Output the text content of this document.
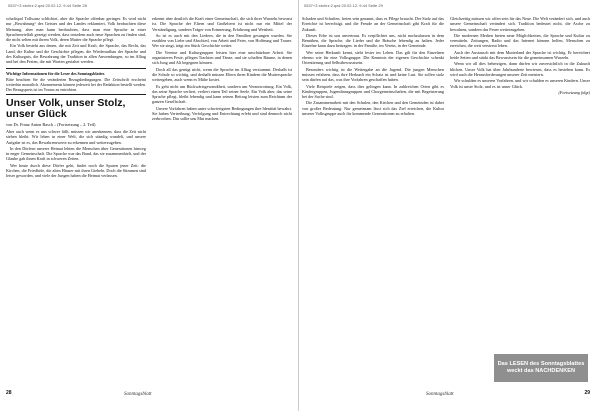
0537+3 stohrz:2.qxd 20.02.12. 9:44 Seite 28	0537+3 stohrz:2.qxd 20.02.12. 9:44 Seite 29

schaftspol Tollwanz schlichtet, aber die Sprache offenbar geringer. Es wird nicht nur „Bewahrung“ des Geistes und des Landes reklamiert, Volk beobachten diese Meinung, aber man kann beobachten, dass man eine Sprache in einer Sprachenvielfalt gezeigt werden, dass trotzdem auch neue Sprachen zu finden sind, die nicht selten mit ihrem Volk, deren Mutter die Sprache pflegt.

Ein Volk besteht aus denen, die mit Zeit und Kraft, die Sprache, das Recht, das Land, die Kultur und die Geschichte pflegen, die Wiederaufbau der Sprache und des Kulturguts, die Bewahrung der Tradition in allen Anwendungen, so im Alltag und bei den Festen, die mit Worten gestaltet werden.

Wichtige Informationen für die Leser des Sonntagsblattes
Bitte beachten Sie die veränderten Bezugsbedingungen. Die Zeitschrift erscheint weiterhin monatlich. Abonnements können jederzeit bei der Redaktion bestellt werden. Der Bezugspreis ist im Voraus zu entrichten.
Unser Volk, unser Stolz, unser Glück
von Dr. Franz Anton Basch – (Fortsetzung – 2. Teil)

Aber auch wenn es uns schwer fällt, müssen wir anerkennen, dass die Zeit nicht stehen bleibt. Wir leben in einer Welt, die sich ständig wandelt, und unsere Aufgabe ist es, das Bewahrenswerte zu erkennen und weiterzugeben.

In den Dörfern unserer Heimat lebten die Menschen über Generationen hinweg in enger Gemeinschaft. Die Sprache war das Band, das sie zusammenhielt, und der Glaube gab ihnen Kraft in schweren Zeiten.

Wer heute durch diese Dörfer geht, findet noch die Spuren jener Zeit: die Kirchen, die Friedhöfe, die alten Häuser mit ihren Giebeln. Doch die Stimmen sind leiser geworden, und viele der Jungen haben die Heimat verlassen.

erkennt aber deutlich die Kraft einer Gemeinschaft, die sich ihrer Wurzeln bewusst ist. Die Sprache der Eltern und Großeltern ist nicht nur ein Mittel der Verständigung, sondern Träger von Erinnerung, Erfahrung und Weisheit.

So ist es auch mit den Liedern, die in den Familien gesungen wurden. Sie erzählen von Liebe und Abschied, von Arbeit und Feier, von Hoffnung und Trauer. Wer sie singt, trägt ein Stück Geschichte weiter.

Die Vereine und Kulturgruppen leisten hier eine unschätzbare Arbeit. Sie organisieren Feste, pflegen Trachten und Tänze, und sie schaffen Räume, in denen sich Jung und Alt begegnen können.

Doch all das genügt nicht, wenn die Sprache im Alltag verstummt. Deshalb ist die Schule so wichtig, und deshalb müssen Eltern ihren Kindern die Muttersprache weitergeben, auch wenn es Mühe kostet.

Es geht nicht um Rückwärtsgewandtheit, sondern um Verantwortung. Ein Volk, das seine Sprache verliert, verliert einen Teil seiner Seele. Ein Volk aber, das seine Sprache pflegt, bleibt lebendig und kann seinen Beitrag leisten zum Reichtum der ganzen Gesellschaft.

Unsere Vorfahren haben unter schwierigsten Bedingungen ihre Identität bewahrt. Sie haben Vertreibung, Verfolgung und Entrechtung erlebt und sind dennoch nicht zerbrochen. Das sollte uns Mut machen.

28	Sonntagsblatt

Schaden und Schuften, freien sein genannt, dass es Pflege braucht. Der Stolz auf das Erreichte ist berechtigt, und die Freude an der Gemeinschaft gibt Kraft für die Zukunft.

Dieses Erbe ist uns anvertraut. Es verpflichtet uns, nicht nachzulassen in dem Bemühen, die Sprache, die Lieder und die Bräuche lebendig zu halten. Jeder Einzelne kann dazu beitragen: in der Familie, im Verein, in der Gemeinde.

Wer seine Herkunft kennt, steht fester im Leben. Das gilt für den Einzelnen ebenso wie für eine Volksgruppe. Die Kenntnis der eigenen Geschichte schenkt Orientierung und Selbstbewusstsein.

Besonders wichtig ist die Weitergabe an die Jugend. Die jungen Menschen müssen erfahren, dass ihre Herkunft ein Schatz ist und keine Last. Sie sollen stolz sein dürfen auf das, was ihre Vorfahren geschaffen haben.

Viele Beispiele zeigen, dass dies gelingen kann. In zahlreichen Orten gibt es Kindergruppen, Jugendtanzgruppen und Chorgemeinschaften, die mit Begeisterung bei der Sache sind.

Die Zusammenarbeit mit den Schulen, den Kirchen und den Gemeinden ist dabei von großer Bedeutung. Nur gemeinsam lässt sich das Ziel erreichen, die Kultur unserer Volksgruppe auch für kommende Generationen zu erhalten.

Gleichzeitig müssen wir offen sein für das Neue. Die Welt verändert sich, und auch unsere Gemeinschaft verändert sich. Tradition bedeutet nicht, die Asche zu bewahren, sondern das Feuer weiterzugeben.

Die modernen Medien bieten neue Möglichkeiten, die Sprache und Kultur zu vermitteln. Zeitungen, Radio und das Internet können helfen, Menschen zu erreichen, die weit verstreut leben.

Auch der Austausch mit dem Mutterland der Sprache ist wichtig. Er bereichert beide Seiten und stärkt das Bewusstsein für die gemeinsamen Wurzeln.

Wenn wir all dies beherzigen, dann dürfen wir zuversichtlich in die Zukunft blicken. Unser Volk hat über Jahrhunderte bewiesen, dass es bestehen kann. Es wird auch die Herausforderungen unserer Zeit meistern.

Wir schulden es unseren Vorfahren, und wir schulden es unseren Kindern. Unser Volk ist unser Stolz, und es ist unser Glück.

(Fortsetzung folgt)
Das LESEN des Sonntagsblattes
weckt das NACHDENKEN
Sonntagsblatt	29
